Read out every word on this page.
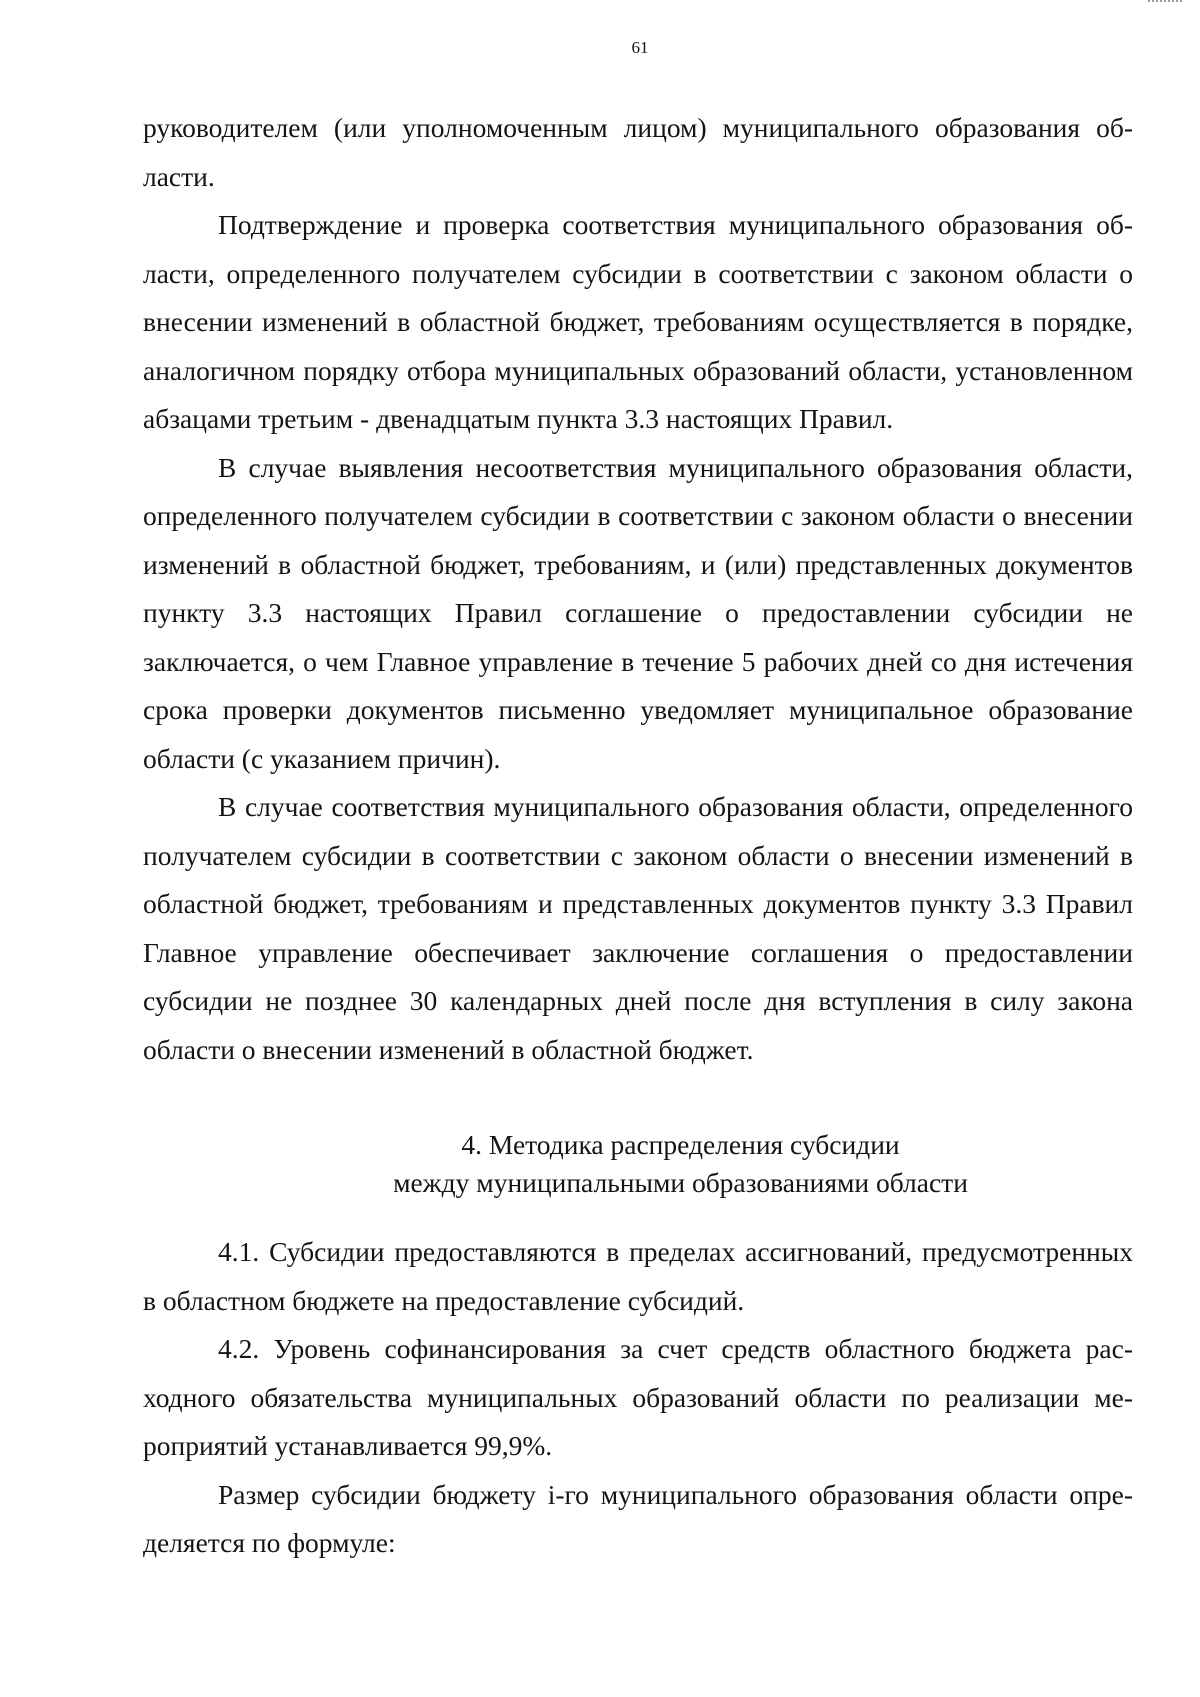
61

руководителем (или уполномоченным лицом) муниципального образования области.

Подтверждение и проверка соответствия муниципального образования области, определенного получателем субсидии в соответствии с законом области о внесении изменений в областной бюджет, требованиям осуществляется в порядке, аналогичном порядку отбора муниципальных образований области, установленном абзацами третьим - двенадцатым пункта 3.3 настоящих Правил.

В случае выявления несоответствия муниципального образования области, определенного получателем субсидии в соответствии с законом области о внесении изменений в областной бюджет, требованиям, и (или) представленных документов пункту 3.3 настоящих Правил соглашение о предоставлении субсидии не заключается, о чем Главное управление в течение 5 рабочих дней со дня истечения срока проверки документов письменно уведомляет муниципальное образование области (с указанием причин).

В случае соответствия муниципального образования области, определенного получателем субсидии в соответствии с законом области о внесении изменений в областной бюджет, требованиям и представленных документов пункту 3.3 Правил Главное управление обеспечивает заключение соглашения о предоставлении субсидии не позднее 30 календарных дней после дня вступления в силу закона области о внесении изменений в областной бюджет.

4. Методика распределения субсидии
между муниципальными образованиями области

4.1. Субсидии предоставляются в пределах ассигнований, предусмотренных в областном бюджете на предоставление субсидий.

4.2. Уровень софинансирования за счет средств областного бюджета расходного обязательства муниципальных образований области по реализации мероприятий устанавливается 99,9%.

Размер субсидии бюджету i-го муниципального образования области определяется по формуле:
